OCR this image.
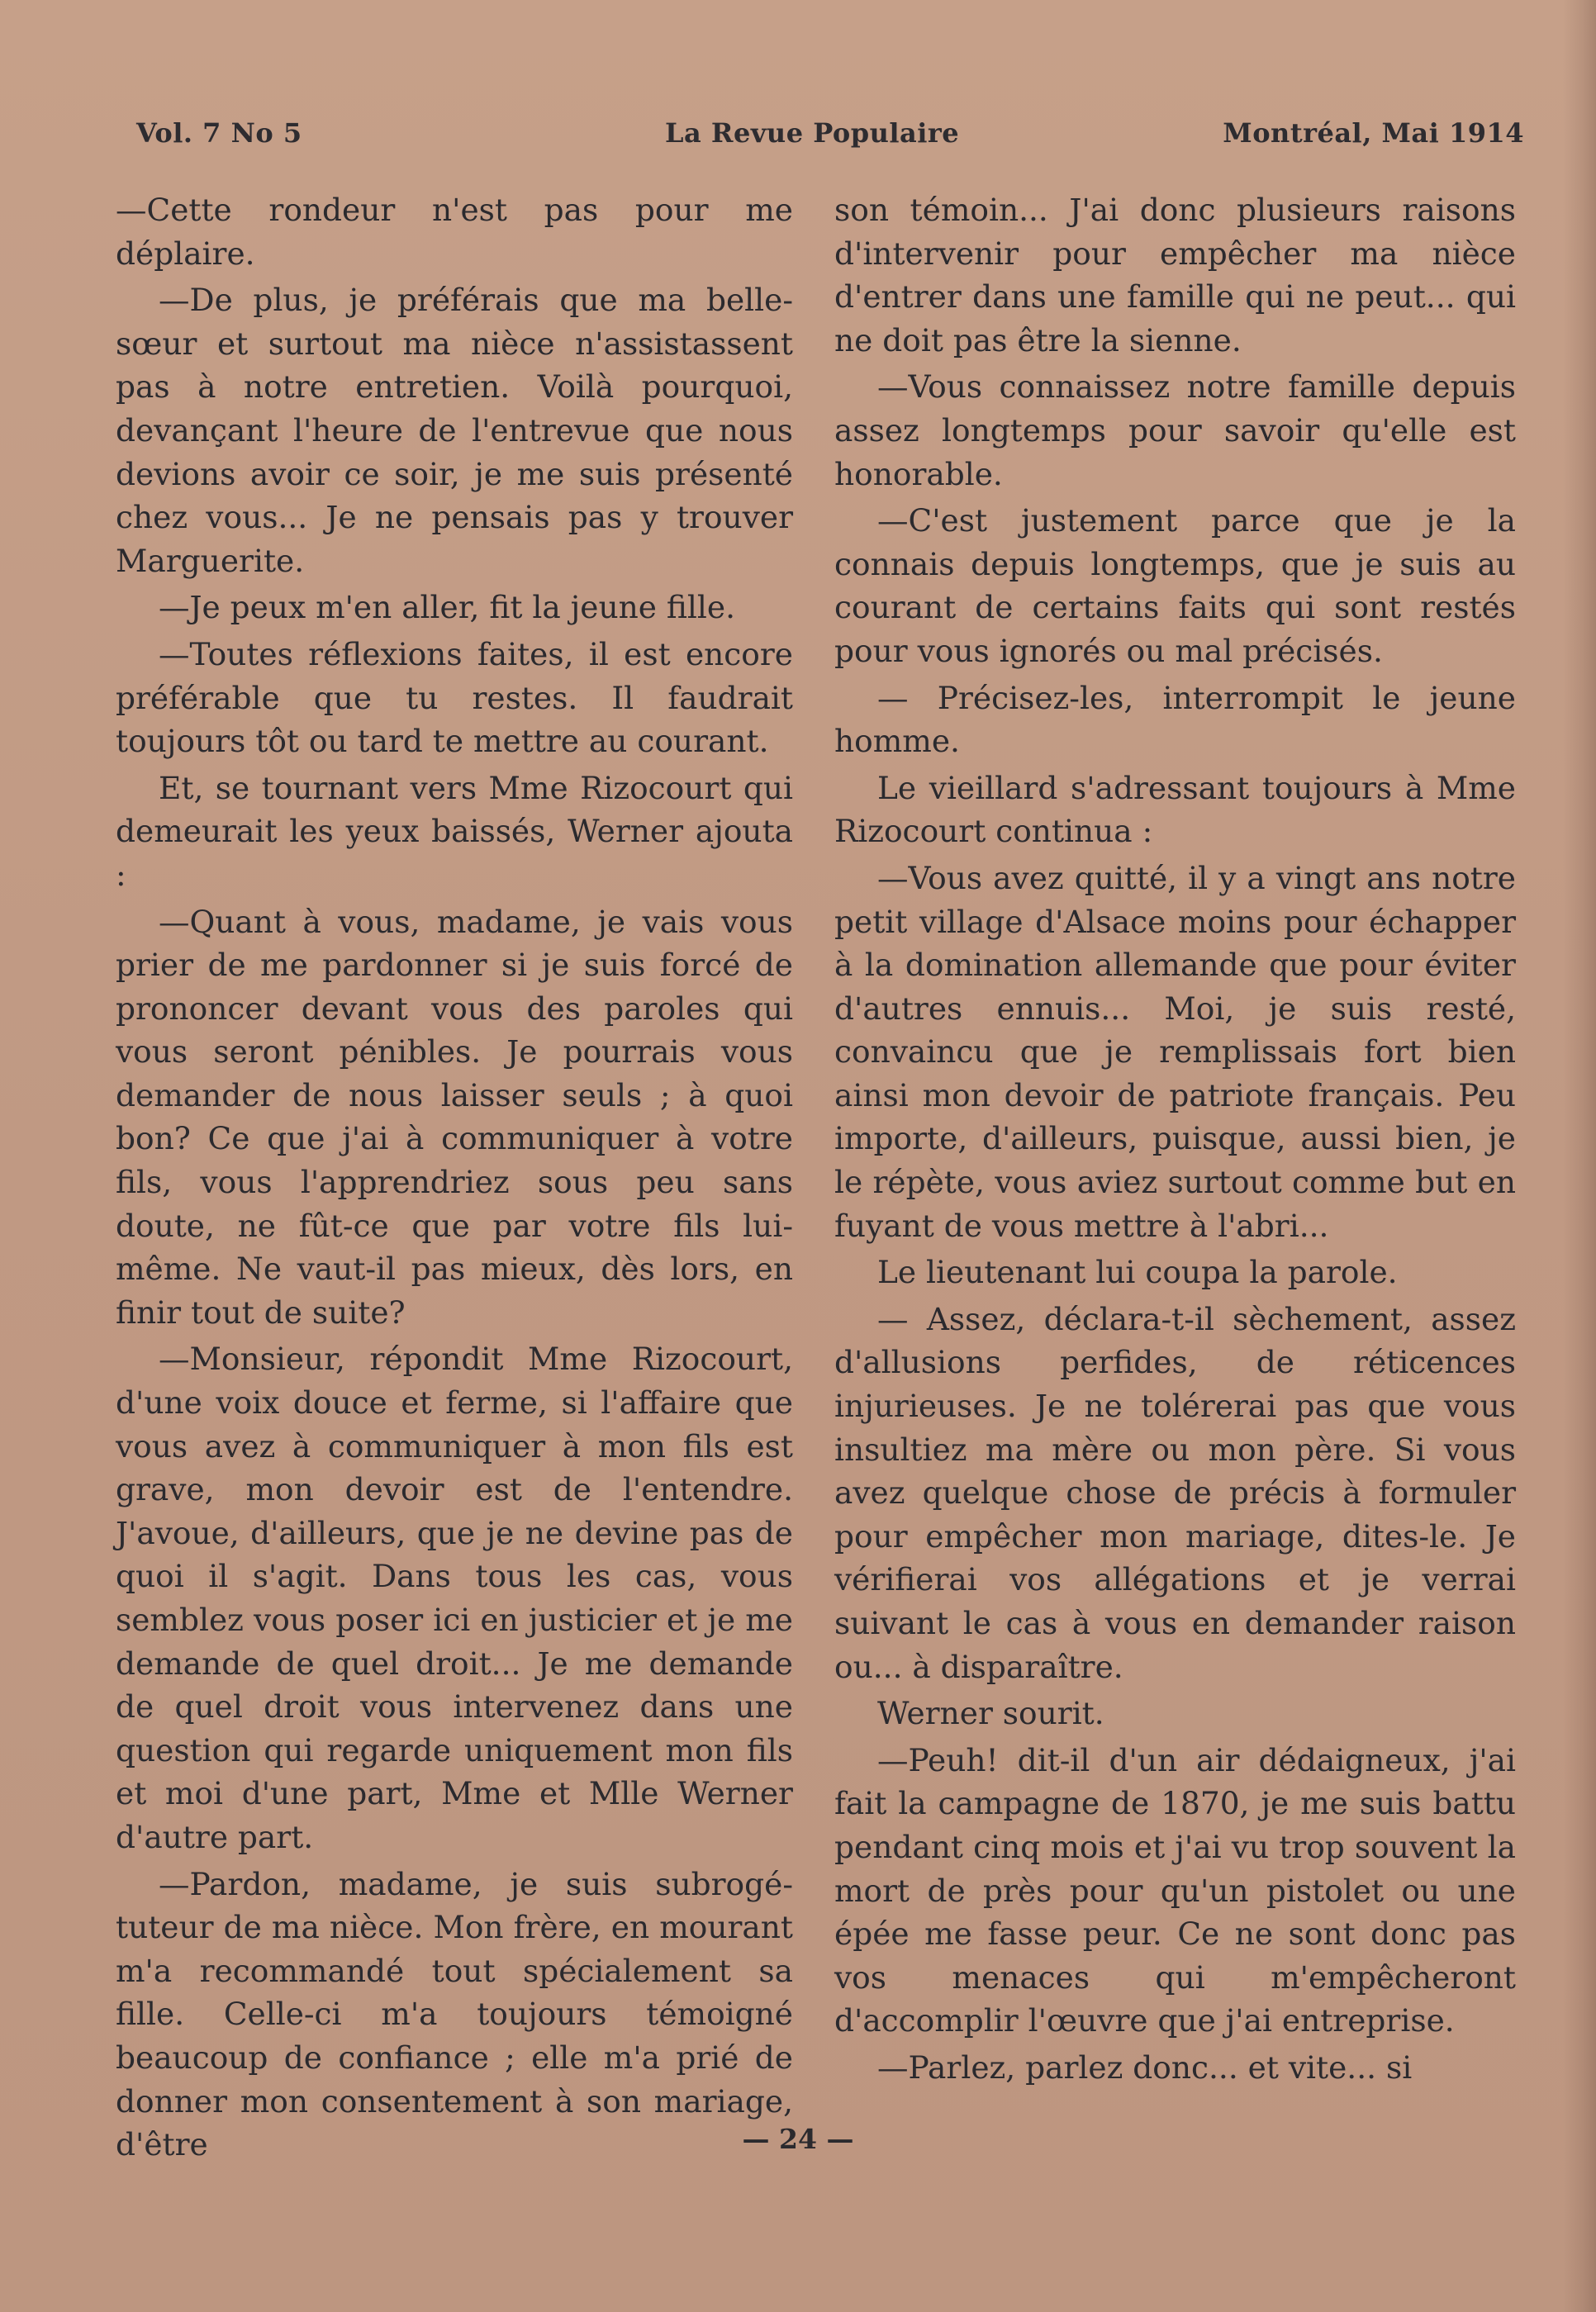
Vol. 7 No 5	La Revue Populaire	Montréal, Mai 1914

—Cette rondeur n'est pas pour me déplaire.

—De plus, je préférais que ma belle-sœur et surtout ma nièce n'assistassent pas à notre entretien. Voilà pourquoi, devançant l'heure de l'entrevue que nous devions avoir ce soir, je me suis présenté chez vous... Je ne pensais pas y trouver Marguerite.

—Je peux m'en aller, fit la jeune fille.

—Toutes réflexions faites, il est encore préférable que tu restes. Il faudrait toujours tôt ou tard te mettre au courant.

Et, se tournant vers Mme Rizocourt qui demeurait les yeux baissés, Werner ajouta :

—Quant à vous, madame, je vais vous prier de me pardonner si je suis forcé de prononcer devant vous des paroles qui vous seront pénibles. Je pourrais vous demander de nous laisser seuls ; à quoi bon? Ce que j'ai à communiquer à votre fils, vous l'apprendriez sous peu sans doute, ne fût-ce que par votre fils lui-même. Ne vaut-il pas mieux, dès lors, en finir tout de suite?

—Monsieur, répondit Mme Rizocourt, d'une voix douce et ferme, si l'affaire que vous avez à communiquer à mon fils est grave, mon devoir est de l'entendre. J'avoue, d'ailleurs, que je ne devine pas de quoi il s'agit. Dans tous les cas, vous semblez vous poser ici en justicier et je me demande de quel droit... Je me demande de quel droit vous intervenez dans une question qui regarde uniquement mon fils et moi d'une part, Mme et Mlle Werner d'autre part.

—Pardon, madame, je suis subrogé-tuteur de ma nièce. Mon frère, en mourant m'a recommandé tout spécialement sa fille. Celle-ci m'a toujours témoigné beaucoup de confiance ; elle m'a prié de donner mon consentement à son mariage, d'être

son témoin... J'ai donc plusieurs raisons d'intervenir pour empêcher ma nièce d'entrer dans une famille qui ne peut... qui ne doit pas être la sienne.

—Vous connaissez notre famille depuis assez longtemps pour savoir qu'elle est honorable.

—C'est justement parce que je la connais depuis longtemps, que je suis au courant de certains faits qui sont restés pour vous ignorés ou mal précisés.

— Précisez-les, interrompit le jeune homme.

Le vieillard s'adressant toujours à Mme Rizocourt continua :

—Vous avez quitté, il y a vingt ans notre petit village d'Alsace moins pour échapper à la domination allemande que pour éviter d'autres ennuis... Moi, je suis resté, convaincu que je remplissais fort bien ainsi mon devoir de patriote français. Peu importe, d'ailleurs, puisque, aussi bien, je le répète, vous aviez surtout comme but en fuyant de vous mettre à l'abri...

Le lieutenant lui coupa la parole.

— Assez, déclara-t-il sèchement, assez d'allusions perfides, de réticences injurieuses. Je ne tolérerai pas que vous insultiez ma mère ou mon père. Si vous avez quelque chose de précis à formuler pour empêcher mon mariage, dites-le. Je vérifierai vos allégations et je verrai suivant le cas à vous en demander raison ou... à disparaître.

Werner sourit.

—Peuh! dit-il d'un air dédaigneux, j'ai fait la campagne de 1870, je me suis battu pendant cinq mois et j'ai vu trop souvent la mort de près pour qu'un pistolet ou une épée me fasse peur. Ce ne sont donc pas vos menaces qui m'empêcheront d'accomplir l'œuvre que j'ai entreprise.

—Parlez, parlez donc... et vite... si

— 24 —
